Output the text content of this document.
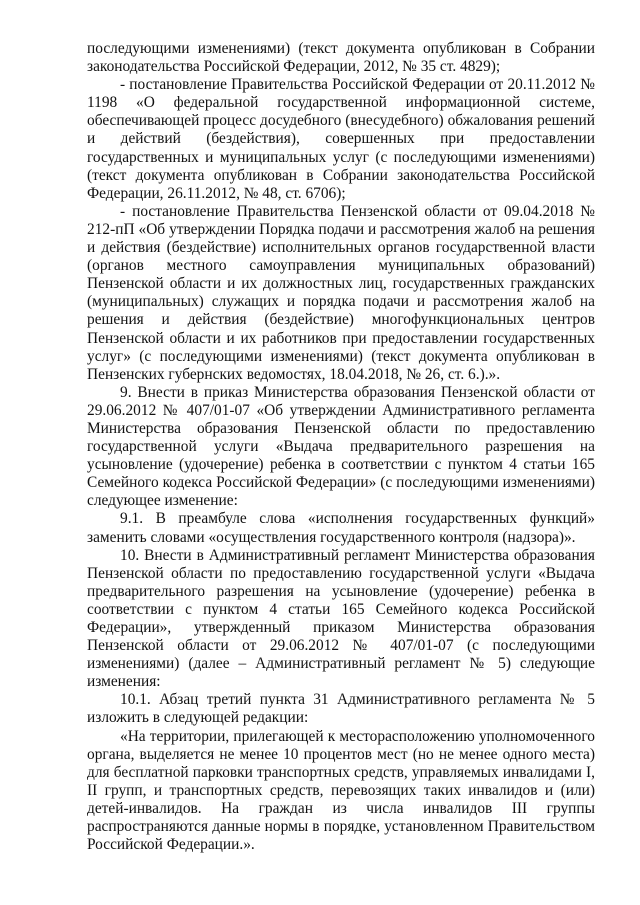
последующими изменениями) (текст документа опубликован в Собрании законодательства Российской Федерации, 2012, № 35 ст. 4829);

- постановление Правительства Российской Федерации от 20.11.2012 № 1198 «О федеральной государственной информационной системе, обеспечивающей процесс досудебного (внесудебного) обжалования решений и действий (бездействия), совершенных при предоставлении государственных и муниципальных услуг (с последующими изменениями) (текст документа опубликован в Собрании законодательства Российской Федерации, 26.11.2012, № 48, ст. 6706);

- постановление Правительства Пензенской области от 09.04.2018 № 212-пП «Об утверждении Порядка подачи и рассмотрения жалоб на решения и действия (бездействие) исполнительных органов государственной власти (органов местного самоуправления муниципальных образований) Пензенской области и их должностных лиц, государственных гражданских (муниципальных) служащих и порядка подачи и рассмотрения жалоб на решения и действия (бездействие) многофункциональных центров Пензенской области и их работников при предоставлении государственных услуг» (с последующими изменениями) (текст документа опубликован в Пензенских губернских ведомостях, 18.04.2018, № 26, ст. 6.).».

9. Внести в приказ Министерства образования Пензенской области от 29.06.2012 № 407/01-07 «Об утверждении Административного регламента Министерства образования Пензенской области по предоставлению государственной услуги «Выдача предварительного разрешения на усыновление (удочерение) ребенка в соответствии с пунктом 4 статьи 165 Семейного кодекса Российской Федерации» (с последующими изменениями) следующее изменение:

9.1. В преамбуле слова «исполнения государственных функций» заменить словами «осуществления государственного контроля (надзора)».

10. Внести в Административный регламент Министерства образования Пензенской области по предоставлению государственной услуги «Выдача предварительного разрешения на усыновление (удочерение) ребенка в соответствии с пунктом 4 статьи 165 Семейного кодекса Российской Федерации», утвержденный приказом Министерства образования Пензенской области от 29.06.2012 № 407/01-07 (с последующими изменениями) (далее – Административный регламент № 5) следующие изменения:

10.1. Абзац третий пункта 31 Административного регламента № 5 изложить в следующей редакции:

«На территории, прилегающей к месторасположению уполномоченного органа, выделяется не менее 10 процентов мест (но не менее одного места) для бесплатной парковки транспортных средств, управляемых инвалидами I, II групп, и транспортных средств, перевозящих таких инвалидов и (или) детей-инвалидов. На граждан из числа инвалидов III группы распространяются данные нормы в порядке, установленном Правительством Российской Федерации.».
